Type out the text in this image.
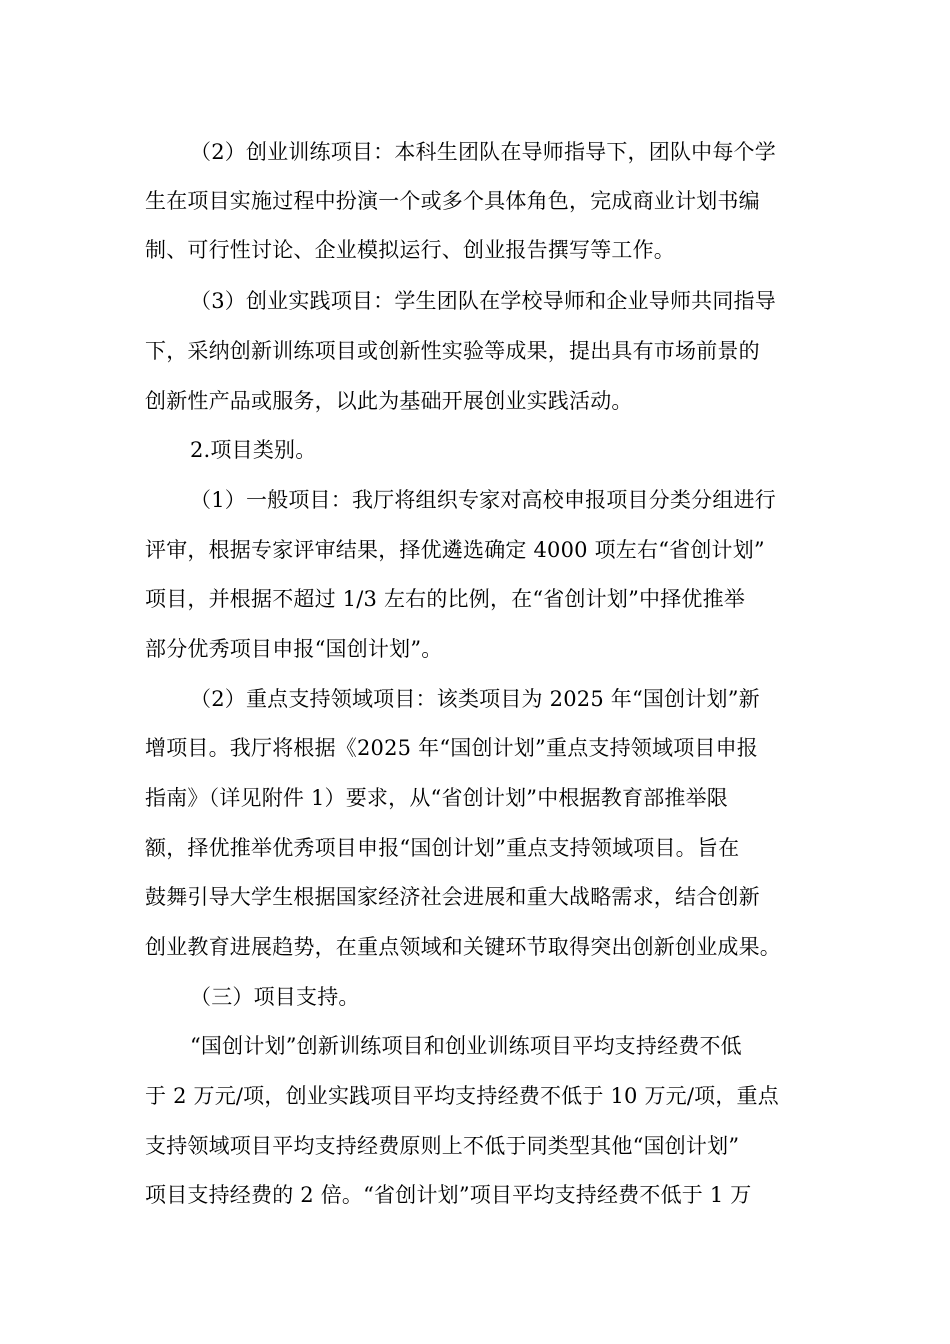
（2）创业训练项目：本科生团队在导师指导下，团队中每个学
生在项目实施过程中扮演一个或多个具体角色，完成商业计划书编
制、可行性讨论、企业模拟运行、创业报告撰写等工作。
（3）创业实践项目：学生团队在学校导师和企业导师共同指导
下，采纳创新训练项目或创新性实验等成果，提出具有市场前景的
创新性产品或服务，以此为基础开展创业实践活动。
2.项目类别。
（1）一般项目：我厅将组织专家对高校申报项目分类分组进行
评审，根据专家评审结果，择优遴选确定 4000 项左右“省创计划”
项目，并根据不超过 1/3 左右的比例，在“省创计划”中择优推举
部分优秀项目申报“国创计划”。
（2）重点支持领域项目：该类项目为 2025 年“国创计划”新
增项目。我厅将根据《2025 年“国创计划”重点支持领域项目申报
指南》（详见附件 1）要求，从“省创计划”中根据教育部推举限
额，择优推举优秀项目申报“国创计划”重点支持领域项目。旨在
鼓舞引导大学生根据国家经济社会进展和重大战略需求，结合创新
创业教育进展趋势，在重点领域和关键环节取得突出创新创业成果。
（三）项目支持。
“国创计划”创新训练项目和创业训练项目平均支持经费不低
于 2 万元/项，创业实践项目平均支持经费不低于 10 万元/项，重点
支持领域项目平均支持经费原则上不低于同类型其他“国创计划”
项目支持经费的 2 倍。“省创计划”项目平均支持经费不低于 1 万
